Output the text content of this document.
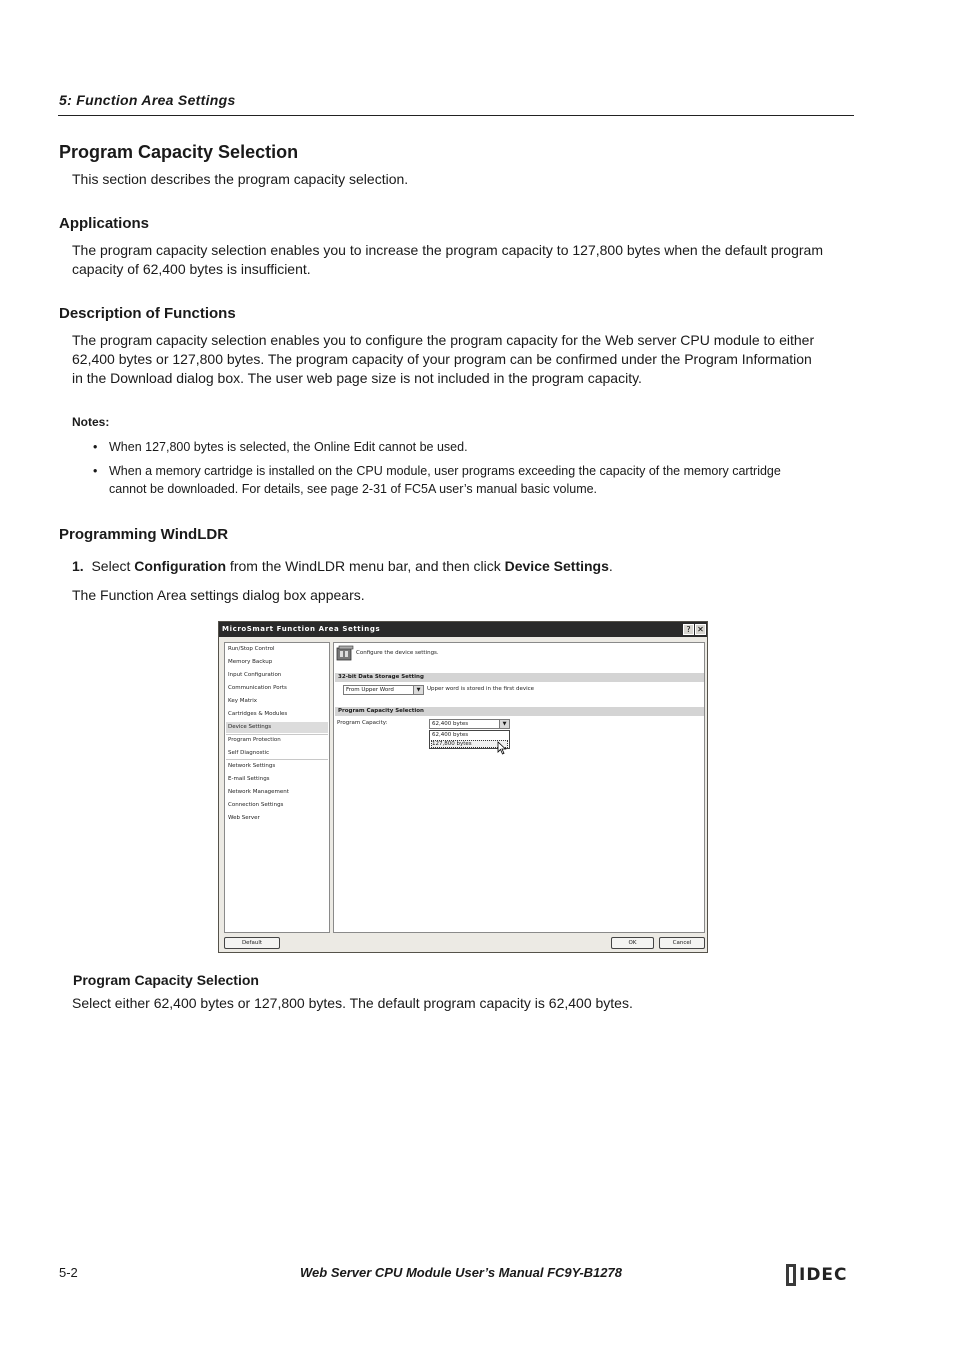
5: Function Area Settings
Program Capacity Selection
This section describes the program capacity selection.
Applications
The program capacity selection enables you to increase the program capacity to 127,800 bytes when the default program
capacity of 62,400 bytes is insufficient.
Description of Functions
The program capacity selection enables you to configure the program capacity for the Web server CPU module to either
62,400 bytes or 127,800 bytes. The program capacity of your program can be confirmed under the Program Information
in the Download dialog box. The user web page size is not included in the program capacity.
Notes:
• When 127,800 bytes is selected, the Online Edit cannot be used.
• When a memory cartridge is installed on the CPU module, user programs exceeding the capacity of the memory cartridge
cannot be downloaded. For details, see page 2-31 of FC5A user’s manual basic volume.
Programming WindLDR
1. Select Configuration from the WindLDR menu bar, and then click Device Settings.
The Function Area settings dialog box appears.
MicroSmart Function Area Settings	? ✕
Run/Stop Control
Memory Backup
Input Configuration
Communication Ports
Key Matrix
Cartridges & Modules
Device Settings
Program Protection
Self Diagnostic
Network Settings
E-mail Settings
Network Management
Connection Settings
Web Server
Configure the device settings.
32-bit Data Storage Setting
From Upper Word	▼	Upper word is stored in the first device
Program Capacity Selection
Program Capacity:	62,400 bytes	▼
62,400 bytes
127,800 bytes
Default	OK	Cancel
Program Capacity Selection
Select either 62,400 bytes or 127,800 bytes. The default program capacity is 62,400 bytes.
5-2	Web Server CPU Module User’s Manual FC9Y-B1278	IDEC
